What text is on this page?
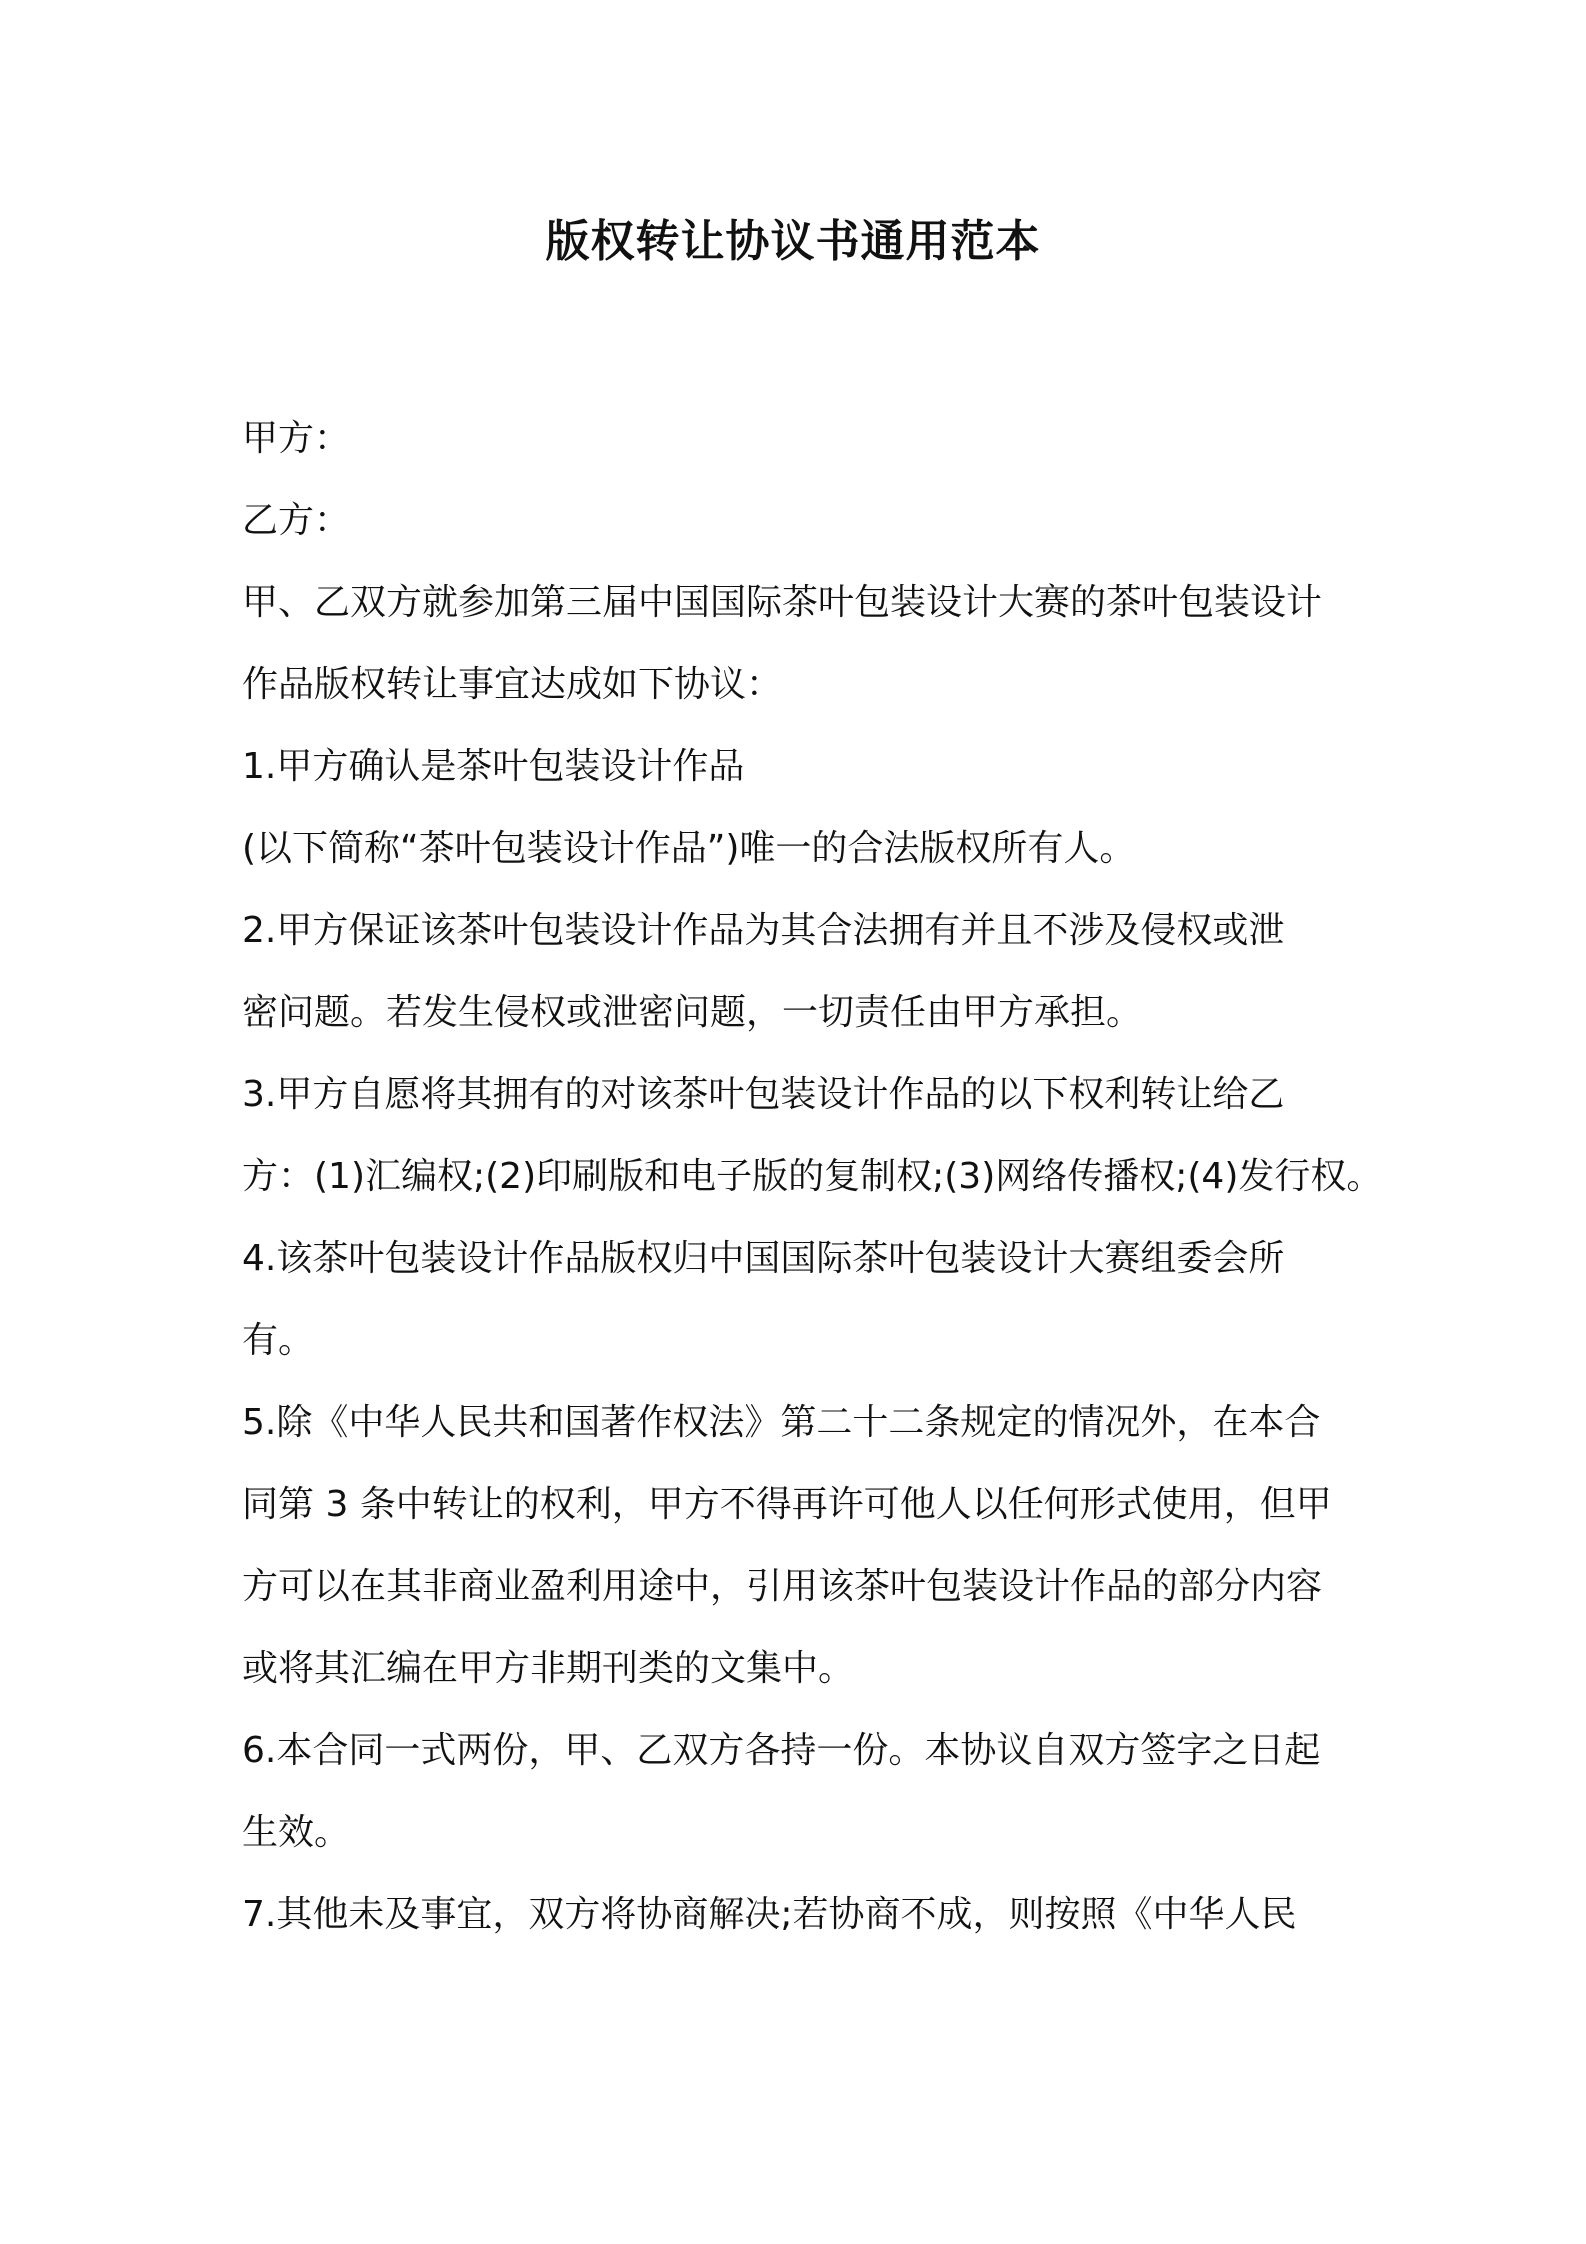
版权转让协议书通用范本
甲方：
乙方：
甲、乙双方就参加第三届中国国际茶叶包装设计大赛的茶叶包装设计
作品版权转让事宜达成如下协议：
1.甲方确认是茶叶包装设计作品
(以下简称“茶叶包装设计作品”)唯一的合法版权所有人。
2.甲方保证该茶叶包装设计作品为其合法拥有并且不涉及侵权或泄
密问题。若发生侵权或泄密问题，一切责任由甲方承担。
3.甲方自愿将其拥有的对该茶叶包装设计作品的以下权利转让给乙
方：(1)汇编权;(2)印刷版和电子版的复制权;(3)网络传播权;(4)发行权。
4.该茶叶包装设计作品版权归中国国际茶叶包装设计大赛组委会所
有。
5.除《中华人民共和国著作权法》第二十二条规定的情况外，在本合
同第 3 条中转让的权利，甲方不得再许可他人以任何形式使用，但甲
方可以在其非商业盈利用途中，引用该茶叶包装设计作品的部分内容
或将其汇编在甲方非期刊类的文集中。
6.本合同一式两份，甲、乙双方各持一份。本协议自双方签字之日起
生效。
7.其他未及事宜，双方将协商解决;若协商不成，则按照《中华人民
